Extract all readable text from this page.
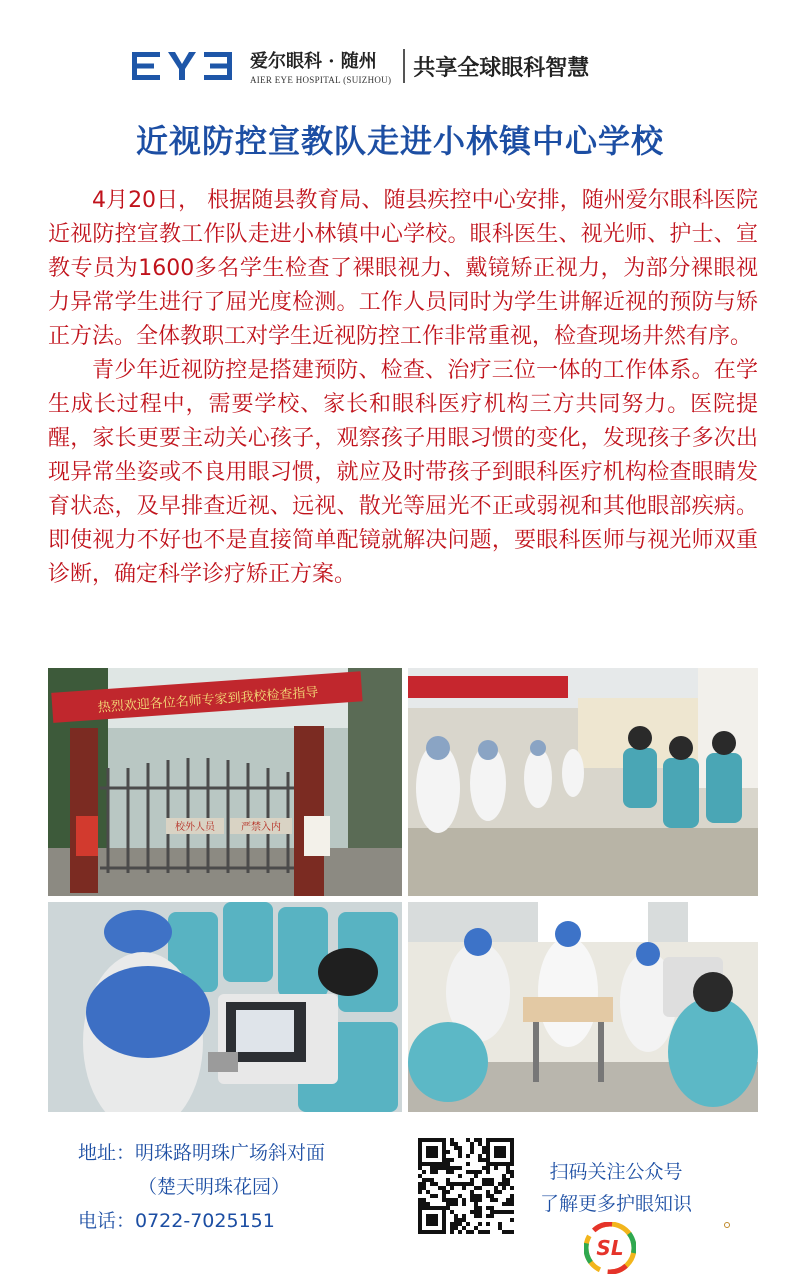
爱尔眼科 · 随州
AIER EYE HOSPITAL (SUIZHOU) 共享全球眼科智慧
近视防控宣教队走进小林镇中心学校

4月20日， 根据随县教育局、随县疾控中心安排，随州爱尔眼科医院近视防控宣教工作队走进小林镇中心学校。眼科医生、视光师、护士、宣教专员为1600多名学生检查了裸眼视力、戴镜矫正视力，为部分裸眼视力异常学生进行了屈光度检测。工作人员同时为学生讲解近视的预防与矫正方法。全体教职工对学生近视防控工作非常重视，检查现场井然有序。

青少年近视防控是搭建预防、检查、治疗三位一体的工作体系。在学生成长过程中，需要学校、家长和眼科医疗机构三方共同努力。医院提醒，家长更要主动关心孩子，观察孩子用眼习惯的变化，发现孩子多次出现异常坐姿或不良用眼习惯，就应及时带孩子到眼科医疗机构检查眼睛发育状态，及早排查近视、远视、散光等屈光不正或弱视和其他眼部疾病。即使视力不好也不是直接简单配镜就解决问题，要眼科医师与视光师双重诊断，确定科学诊疗矫正方案。

热烈欢迎各位名师专家到我校检查指导
校外人员	严禁入内
地址：明珠路明珠广场斜对面
（楚天明珠花园）
电话：0722-7025151
扫码关注公众号
了解更多护眼知识
SL
